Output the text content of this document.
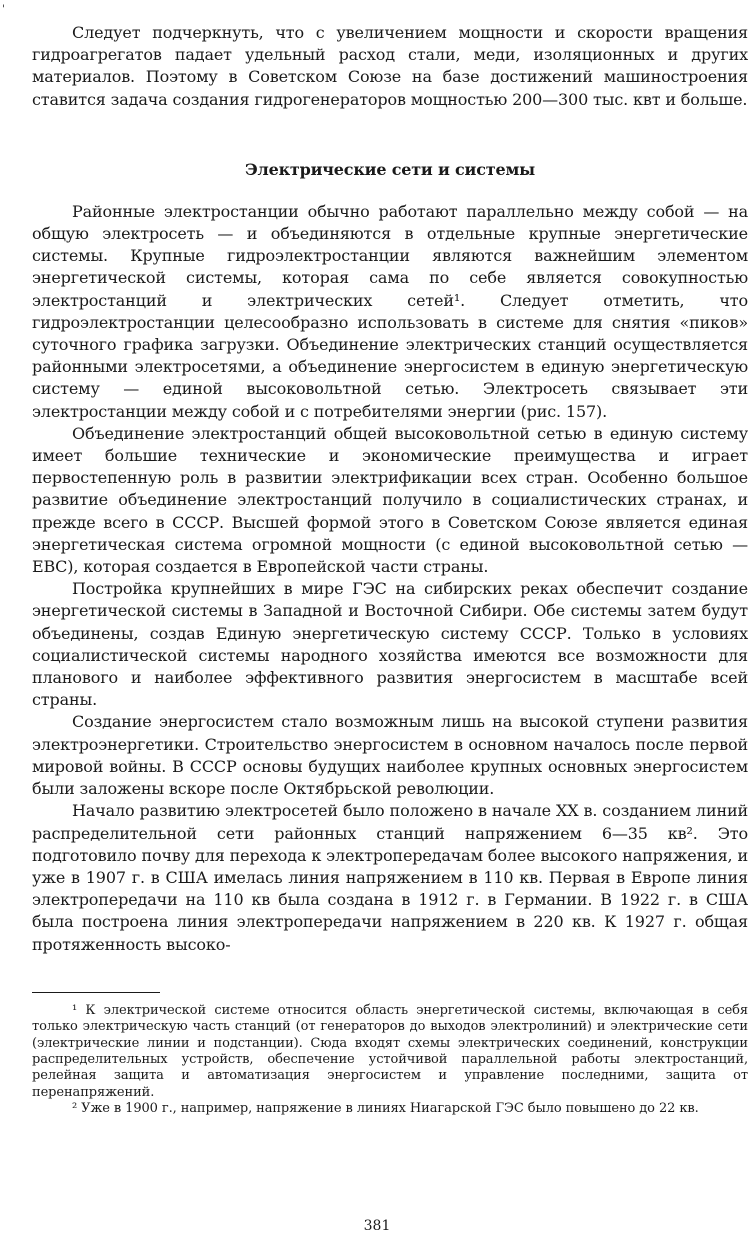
'

Следует подчеркнуть, что с увеличением мощности и скорости вращения гидроагрегатов падает удельный расход стали, меди, изоляционных и других материалов. Поэтому в Советском Союзе на базе достижений машиностроения ставится задача создания гидрогенераторов мощностью 200—300 тыс. квт и больше.

Электрические сети и системы

Районные электростанции обычно работают параллельно между собой — на общую электросеть — и объединяются в отдельные крупные энергетические системы. Крупные гидроэлектростанции являются важнейшим элементом энергетической системы, которая сама по себе является совокупностью электростанций и электрических сетей¹. Следует отметить, что гидроэлектростанции целесообразно использовать в системе для снятия «пиков» суточного графика загрузки. Объединение электрических станций осуществляется районными электросетями, а объединение энергосистем в единую энергетическую систему — единой высоковольтной сетью. Электросеть связывает эти электростанции между собой и с потребителями энергии (рис. 157).

Объединение электростанций общей высоковольтной сетью в единую систему имеет большие технические и экономические преимущества и играет первостепенную роль в развитии электрификации всех стран. Особенно большое развитие объединение электростанций получило в социалистических странах, и прежде всего в СССР. Высшей формой этого в Советском Союзе является единая энергетическая система огромной мощности (с единой высоковольтной сетью — ЕВС), которая создается в Европейской части страны.

Постройка крупнейших в мире ГЭС на сибирских реках обеспечит создание энергетической системы в Западной и Восточной Сибири. Обе системы затем будут объединены, создав Единую энергетическую систему СССР. Только в условиях социалистической системы народного хозяйства имеются все возможности для планового и наиболее эффективного развития энергосистем в масштабе всей страны.

Создание энергосистем стало возможным лишь на высокой ступени развития электроэнергетики. Строительство энергосистем в основном началось после первой мировой войны. В СССР основы будущих наиболее крупных основных энергосистем были заложены вскоре после Октябрьской революции.

Начало развитию электросетей было положено в начале XX в. созданием линий распределительной сети районных станций напряжением 6—35 кв². Это подготовило почву для перехода к электропередачам более высокого напряжения, и уже в 1907 г. в США имелась линия напряжением в 110 кв. Первая в Европе линия электропередачи на 110 кв была создана в 1912 г. в Германии. В 1922 г. в США была построена линия электропередачи напряжением в 220 кв. К 1927 г. общая протяженность высоко-

¹ К электрической системе относится область энергетической системы, включающая в себя только электрическую часть станций (от генераторов до выходов электролиний) и электрические сети (электрические линии и подстанции). Сюда входят схемы электрических соединений, конструкции распределительных устройств, обеспечение устойчивой параллельной работы электростанций, релейная защита и автоматизация энергосистем и управление последними, защита от перенапряжений.

² Уже в 1900 г., например, напряжение в линиях Ниагарской ГЭС было повышено до 22 кв.

381
